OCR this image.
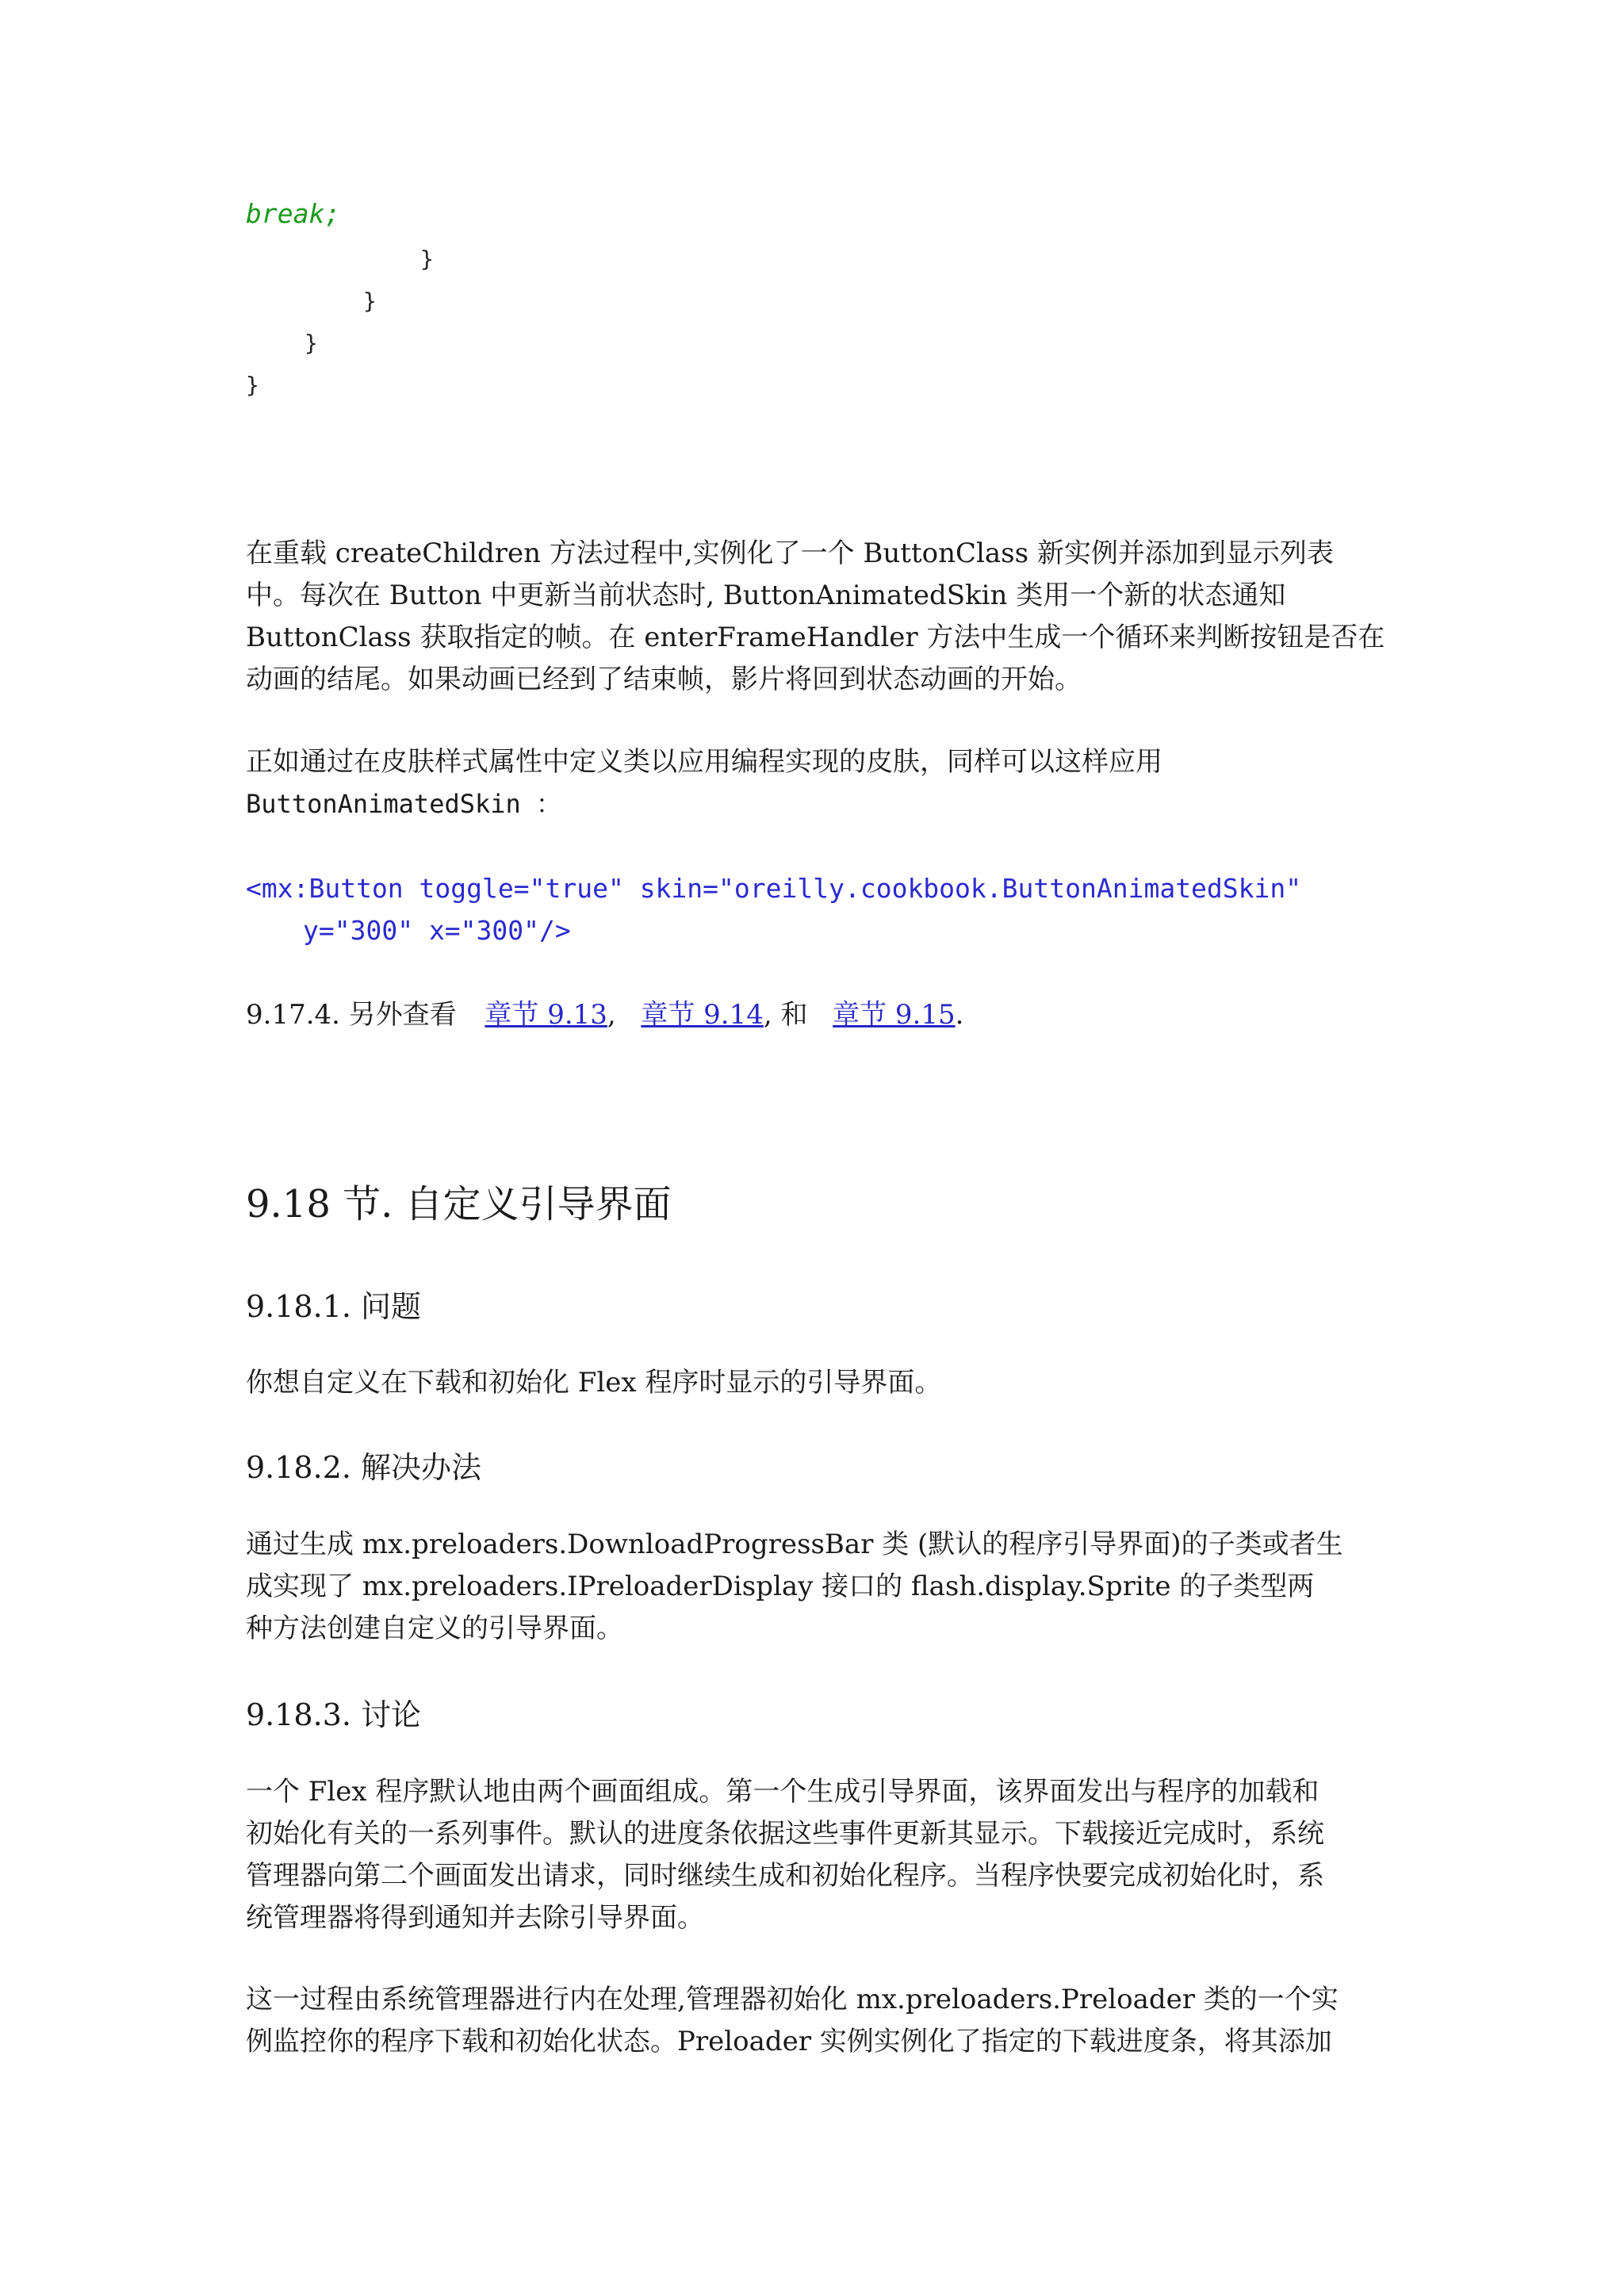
break;
}
}
}
}
在重载 createChildren 方法过程中,实例化了一个 ButtonClass 新实例并添加到显示列表
中。每次在 Button 中更新当前状态时, ButtonAnimatedSkin 类用一个新的状态通知
ButtonClass 获取指定的帧。在 enterFrameHandler 方法中生成一个循环来判断按钮是否在
动画的结尾。如果动画已经到了结束帧，影片将回到状态动画的开始。
正如通过在皮肤样式属性中定义类以应用编程实现的皮肤，同样可以这样应用
ButtonAnimatedSkin ：
<mx:Button toggle="true" skin="oreilly.cookbook.ButtonAnimatedSkin"
y="300" x="300"/>
9.17.4. 另外查看 章节 9.13, 章节 9.14, 和 章节 9.15.
9.18 节. 自定义引导界面
9.18.1. 问题
你想自定义在下载和初始化 Flex 程序时显示的引导界面。
9.18.2. 解决办法
通过生成 mx.preloaders.DownloadProgressBar 类 (默认的程序引导界面)的子类或者生
成实现了 mx.preloaders.IPreloaderDisplay 接口的 flash.display.Sprite 的子类型两
种方法创建自定义的引导界面。
9.18.3. 讨论
一个 Flex 程序默认地由两个画面组成。第一个生成引导界面，该界面发出与程序的加载和
初始化有关的一系列事件。默认的进度条依据这些事件更新其显示。下载接近完成时，系统
管理器向第二个画面发出请求，同时继续生成和初始化程序。当程序快要完成初始化时，系
统管理器将得到通知并去除引导界面。
这一过程由系统管理器进行内在处理,管理器初始化 mx.preloaders.Preloader 类的一个实
例监控你的程序下载和初始化状态。Preloader 实例实例化了指定的下载进度条，将其添加
